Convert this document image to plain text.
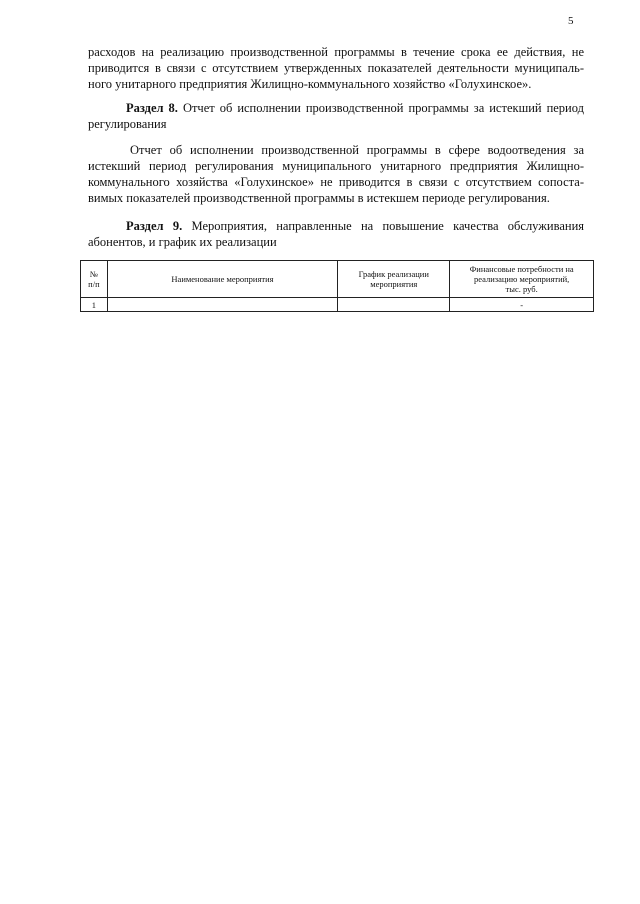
5

расходов на реализацию производственной программы в течение срока ее действия, не
приводится в связи с отсутствием утвержденных показателей деятельности муниципаль-
ного унитарного предприятия Жилищно-коммунального хозяйство «Голухинское».

Раздел 8. Отчет об исполнении производственной программы за истекший период
регулирования

Отчет об исполнении производственной программы в сфере водоотведения за
истекший период регулирования муниципального унитарного предприятия Жилищно-
коммунального хозяйства «Голухинское» не приводится в связи с отсутствием сопоста-
вимых показателей производственной программы в истекшем периоде регулирования.

Раздел 9. Мероприятия, направленные на повышение качества обслуживания
абонентов, и график их реализации

№
п/п	Наименование мероприятия	График реализации
мероприятия	Финансовые потребности на
реализацию мероприятий,
тыс. руб.
1			-
